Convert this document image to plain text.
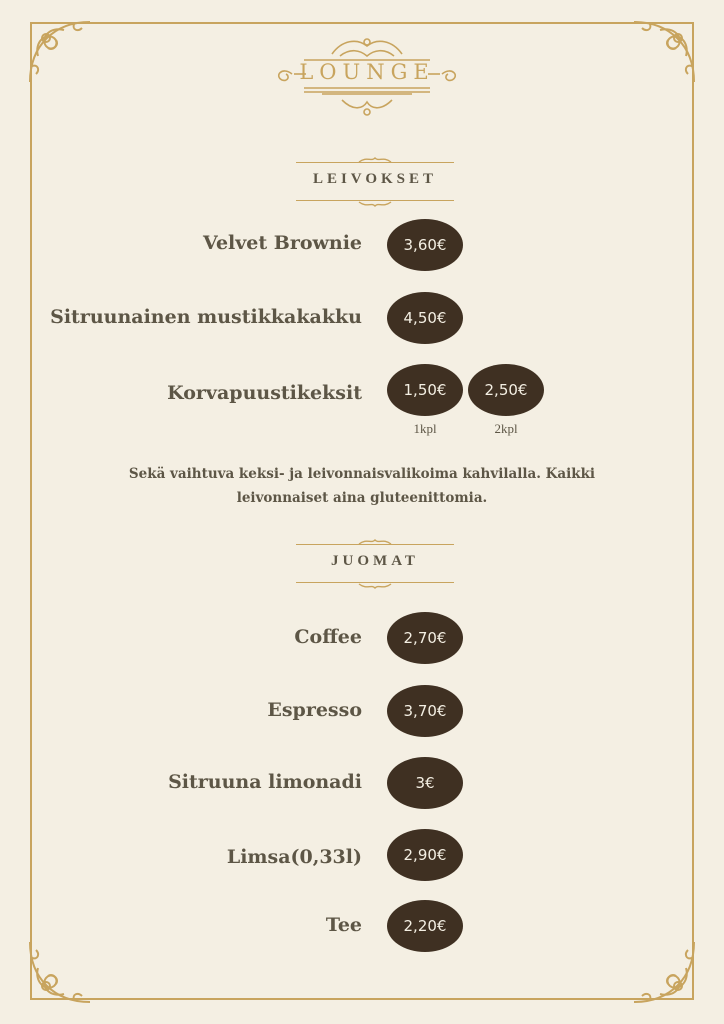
LOUNGE
LEIVOKSET
Velvet Brownie	3,60€
Sitruunainen mustikkakakku	4,50€
Korvapuustikeksit	1,50€	2,50€
1kpl	2kpl
Sekä vaihtuva keksi- ja leivonnaisvalikoima kahvilalla. Kaikki leivonnaiset aina gluteenittomia.
JUOMAT
Coffee	2,70€
Espresso	3,70€
Sitruuna limonadi	3€
Limsa(0,33l)	2,90€
Tee	2,20€
